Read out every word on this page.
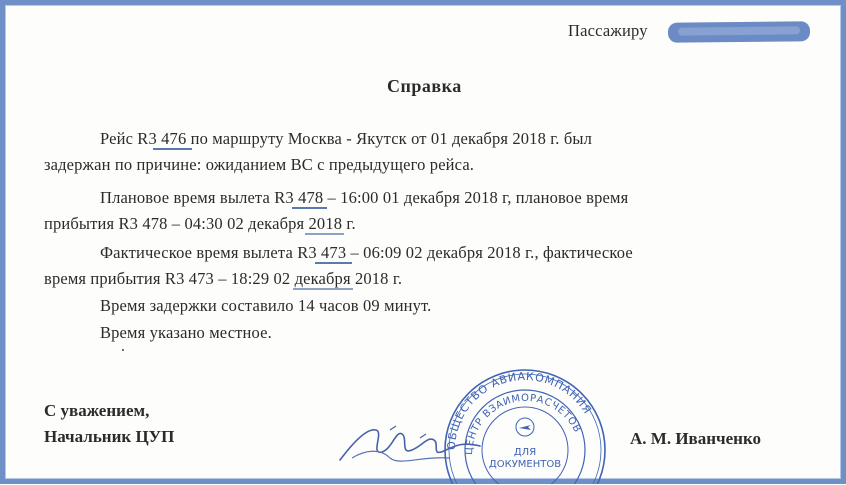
Пассажиру
Справка
Рейс R3 476
по маршруту Москва - Якутск от 01 декабря 2018 г. был
задержан по причине: ожиданием ВС с предыдущего рейса.
Плановое время вылета R3 478
– 16:00 01 декабря 2018 г, плановое время
прибытия R3 478 – 04:30 02 декабря 2018
г.
Фактическое время вылета R3 473
– 06:09 02 декабря 2018 г., фактическое
время прибытия R3 473 – 18:29 02 декабря
2018 г.
Время задержки составило 14 часов 09 минут.
Время указано местное.
С уважением,
Начальник ЦУП	ОБЩЕСТВО АВИАКОМПАНИЯ
ЦЕНТР ВЗАИМОРАСЧЕТОВ
ДЛЯ
ДОКУМЕНТОВ
А. М. Иванченко
